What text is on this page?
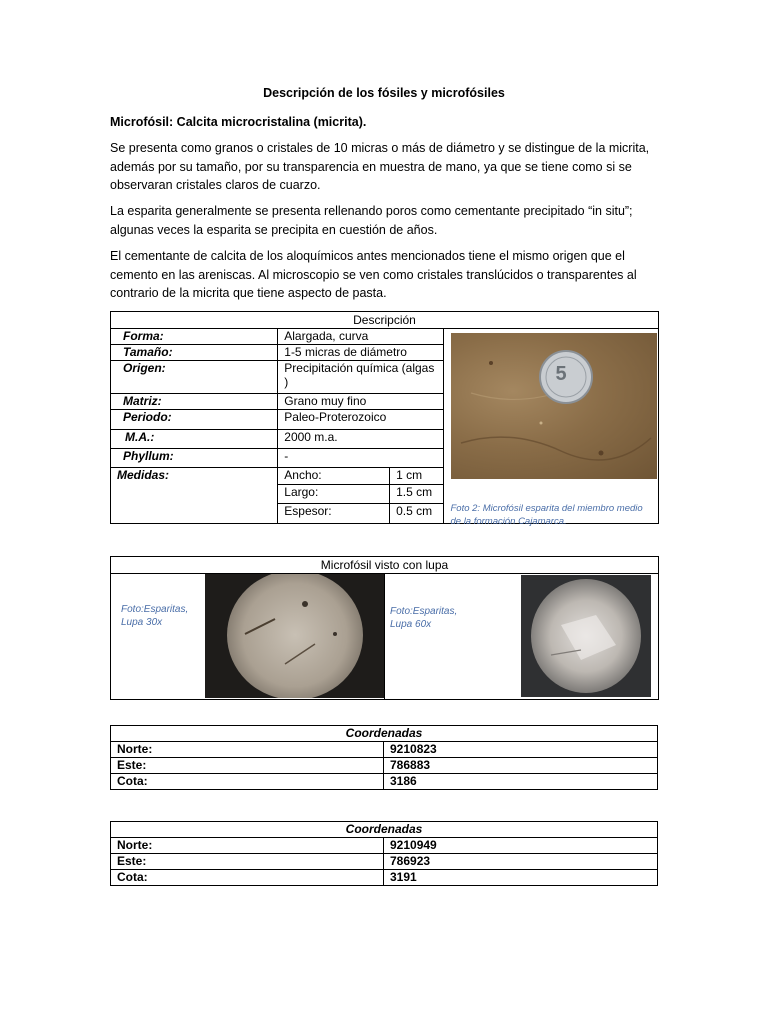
Descripción de los fósiles y microfósiles
Microfósil: Calcita microcristalina (micrita).
Se presenta como granos o cristales de 10 micras o más de diámetro y se distingue de la micrita, además por su tamaño, por su transparencia en muestra de mano, ya que se tiene como si se observaran cristales claros de cuarzo.
La esparita generalmente se presenta rellenando poros como cementante precipitado “in situ”; algunas veces la esparita se precipita en cuestión de años.
El cementante de calcita de los aloquímicos antes mencionados tiene el mismo origen que el cemento en las areniscas. Al microscopio se ven como cristales translúcidos o transparentes al contrario de la micrita que tiene aspecto de pasta.
Descripción			
Forma:	Alargada, curva		5
Foto 2: Microfósil esparita del miembro medio de la formación Cajamarca.

Tamaño:	1-5 micras de diámetro		
Origen:	Precipitación química (algas )		
Matriz:	Grano muy fino		
Periodo:	Paleo-Proterozoico		
M.A.:	2000 m.a.		
Phyllum:	-		
Medidas:	Ancho:	1 cm	
	Largo:	1.5 cm	
	Espesor:	0.5 cm	
Microfósil visto con lupa
Foto:Esparitas, Lupa 30x
Foto:Esparitas, Lupa 60x
Coordenadas	
Norte:	9210823
Este:	786883
Cota:	3186
Coordenadas	
Norte:	9210949
Este:	786923
Cota:	3191
